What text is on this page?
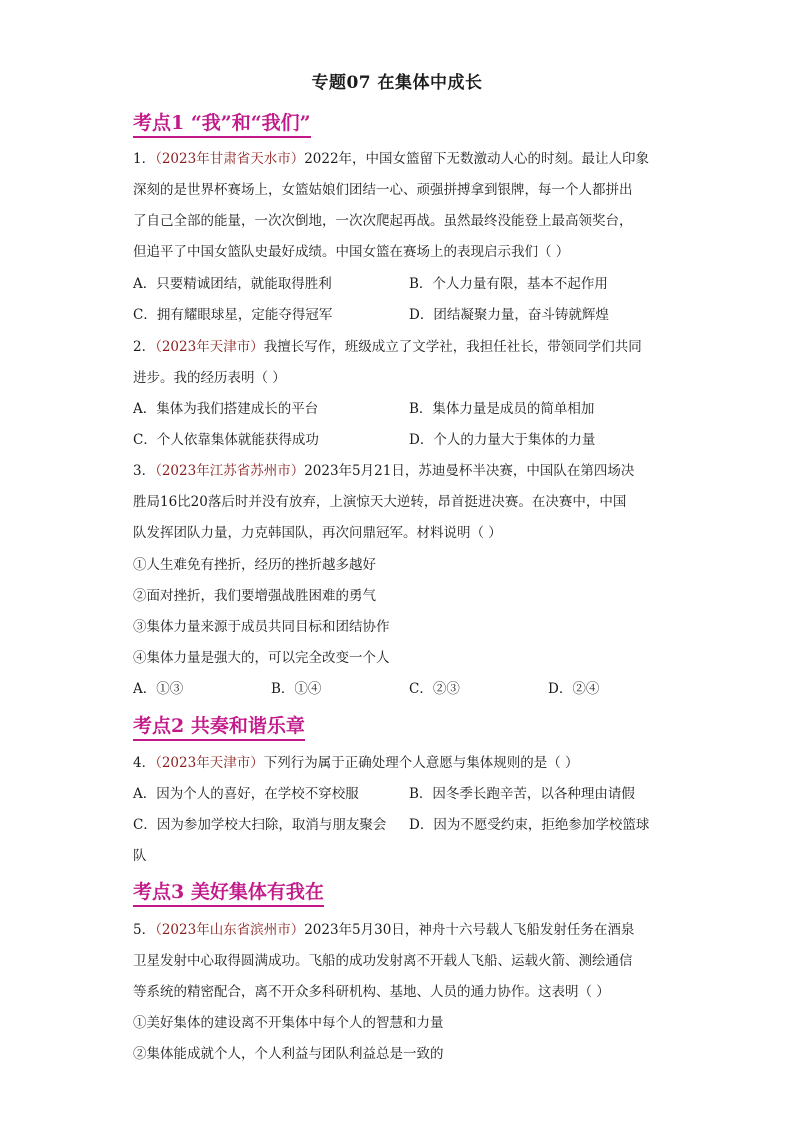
专题07 在集体中成长
考点1 “我”和“我们”
1．（2023年甘肃省天水市）2022年，中国女篮留下无数激动人心的时刻。最让人印象
深刻的是世界杯赛场上，女篮姑娘们团结一心、顽强拼搏拿到银牌，每一个人都拼出
了自己全部的能量，一次次倒地，一次次爬起再战。虽然最终没能登上最高领奖台，
但追平了中国女篮队史最好成绩。中国女篮在赛场上的表现启示我们（ ）
A．只要精诚团结，就能取得胜利	B．个人力量有限，基本不起作用
C．拥有耀眼球星，定能夺得冠军	D．团结凝聚力量，奋斗铸就辉煌
2．（2023年天津市）我擅长写作，班级成立了文学社，我担任社长，带领同学们共同
进步。我的经历表明（ ）
A．集体为我们搭建成长的平台	B．集体力量是成员的简单相加
C．个人依靠集体就能获得成功	D．个人的力量大于集体的力量
3．（2023年江苏省苏州市）2023年5月21日，苏迪曼杯半决赛，中国队在第四场决
胜局16比20落后时并没有放弃，上演惊天大逆转，昂首挺进决赛。在决赛中，中国
队发挥团队力量，力克韩国队，再次问鼎冠军。材料说明（ ）
①人生难免有挫折，经历的挫折越多越好
②面对挫折，我们要增强战胜困难的勇气
③集体力量来源于成员共同目标和团结协作
④集体力量是强大的，可以完全改变一个人
A．①③	B．①④	C．②③	D．②④
考点2 共奏和谐乐章
4．（2023年天津市）下列行为属于正确处理个人意愿与集体规则的是（ ）
A．因为个人的喜好，在学校不穿校服	B．因冬季长跑辛苦，以各种理由请假
C．因为参加学校大扫除，取消与朋友聚会 D．因为不愿受约束，拒绝参加学校篮球
队
考点3 美好集体有我在
5．（2023年山东省滨州市）2023年5月30日，神舟十六号载人飞船发射任务在酒泉
卫星发射中心取得圆满成功。飞船的成功发射离不开载人飞船、运载火箭、测绘通信
等系统的精密配合，离不开众多科研机构、基地、人员的通力协作。这表明（ ）
①美好集体的建设离不开集体中每个人的智慧和力量
②集体能成就个人，个人利益与团队利益总是一致的
